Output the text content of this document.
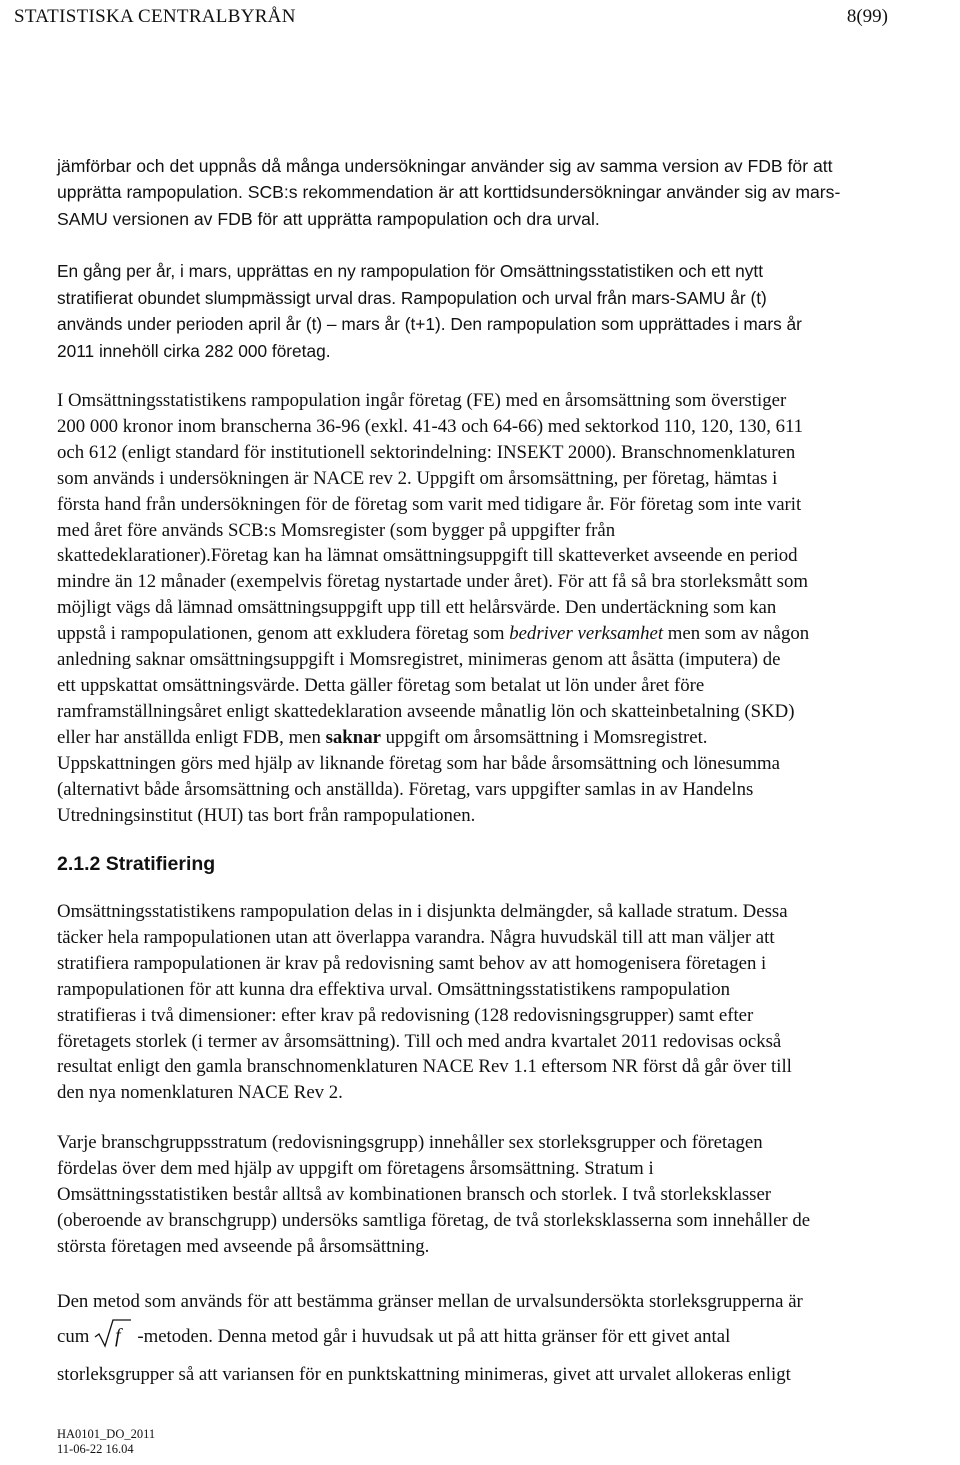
STATISTISKA CENTRALBYRÅN	8(99)
jämförbar och det uppnås då många undersökningar använder sig av samma version av FDB för att
upprätta rampopulation. SCB:s rekommendation är att korttidsundersökningar använder sig av mars-
SAMU versionen av FDB för att upprätta rampopulation och dra urval.
En gång per år, i mars, upprättas en ny rampopulation för Omsättningsstatistiken och ett nytt
stratifierat obundet slumpmässigt urval dras. Rampopulation och urval från mars-SAMU år (t)
används under perioden april år (t) – mars år (t+1). Den rampopulation som upprättades i mars år
2011 innehöll cirka 282 000 företag.
I Omsättningsstatistikens rampopulation ingår företag (FE) med en årsomsättning som överstiger
200 000 kronor inom branscherna 36-96 (exkl. 41-43 och 64-66) med sektorkod 110, 120, 130, 611
och 612 (enligt standard för institutionell sektorindelning: INSEKT 2000). Branschnomenklaturen
som används i undersökningen är NACE rev 2. Uppgift om årsomsättning, per företag, hämtas i
första hand från undersökningen för de företag som varit med tidigare år. För företag som inte varit
med året före används SCB:s Momsregister (som bygger på uppgifter från
skattedeklarationer).Företag kan ha lämnat omsättningsuppgift till skatteverket avseende en period
mindre än 12 månader (exempelvis företag nystartade under året). För att få så bra storleksmått som
möjligt vägs då lämnad omsättningsuppgift upp till ett helårsvärde. Den undertäckning som kan
uppstå i rampopulationen, genom att exkludera företag som bedriver verksamhet men som av någon
anledning saknar omsättningsuppgift i Momsregistret, minimeras genom att åsätta (imputera) de
ett uppskattat omsättningsvärde. Detta gäller företag som betalat ut lön under året före
ramframställningsåret enligt skattedeklaration avseende månatlig lön och skatteinbetalning (SKD)
eller har anställda enligt FDB, men saknar uppgift om årsomsättning i Momsregistret.
Uppskattningen görs med hjälp av liknande företag som har både årsomsättning och lönesumma
(alternativt både årsomsättning och anställda). Företag, vars uppgifter samlas in av Handelns
Utredningsinstitut (HUI) tas bort från rampopulationen.
2.1.2 Stratifiering
Omsättningsstatistikens rampopulation delas in i disjunkta delmängder, så kallade stratum. Dessa
täcker hela rampopulationen utan att överlappa varandra. Några huvudskäl till att man väljer att
stratifiera rampopulationen är krav på redovisning samt behov av att homogenisera företagen i
rampopulationen för att kunna dra effektiva urval. Omsättningsstatistikens rampopulation
stratifieras i två dimensioner: efter krav på redovisning (128 redovisningsgrupper) samt efter
företagets storlek (i termer av årsomsättning). Till och med andra kvartalet 2011 redovisas också
resultat enligt den gamla branschnomenklaturen NACE Rev 1.1 eftersom NR först då går över till
den nya nomenklaturen NACE Rev 2.
Varje branschgruppsstratum (redovisningsgrupp) innehåller sex storleksgrupper och företagen
fördelas över dem med hjälp av uppgift om företagens årsomsättning. Stratum i
Omsättningsstatistiken består alltså av kombinationen bransch och storlek. I två storleksklasser
(oberoende av branschgrupp) undersöks samtliga företag, de två storleksklasserna som innehåller de
största företagen med avseende på årsomsättning.
Den metod som används för att bestämma gränser mellan de urvalsundersökta storleksgrupperna är
cum f -metoden. Denna metod går i huvudsak ut på att hitta gränser för ett givet antal
storleksgrupper så att variansen för en punktskattning minimeras, givet att urvalet allokeras enligt
HA0101_DO_2011
11-06-22 16.04
